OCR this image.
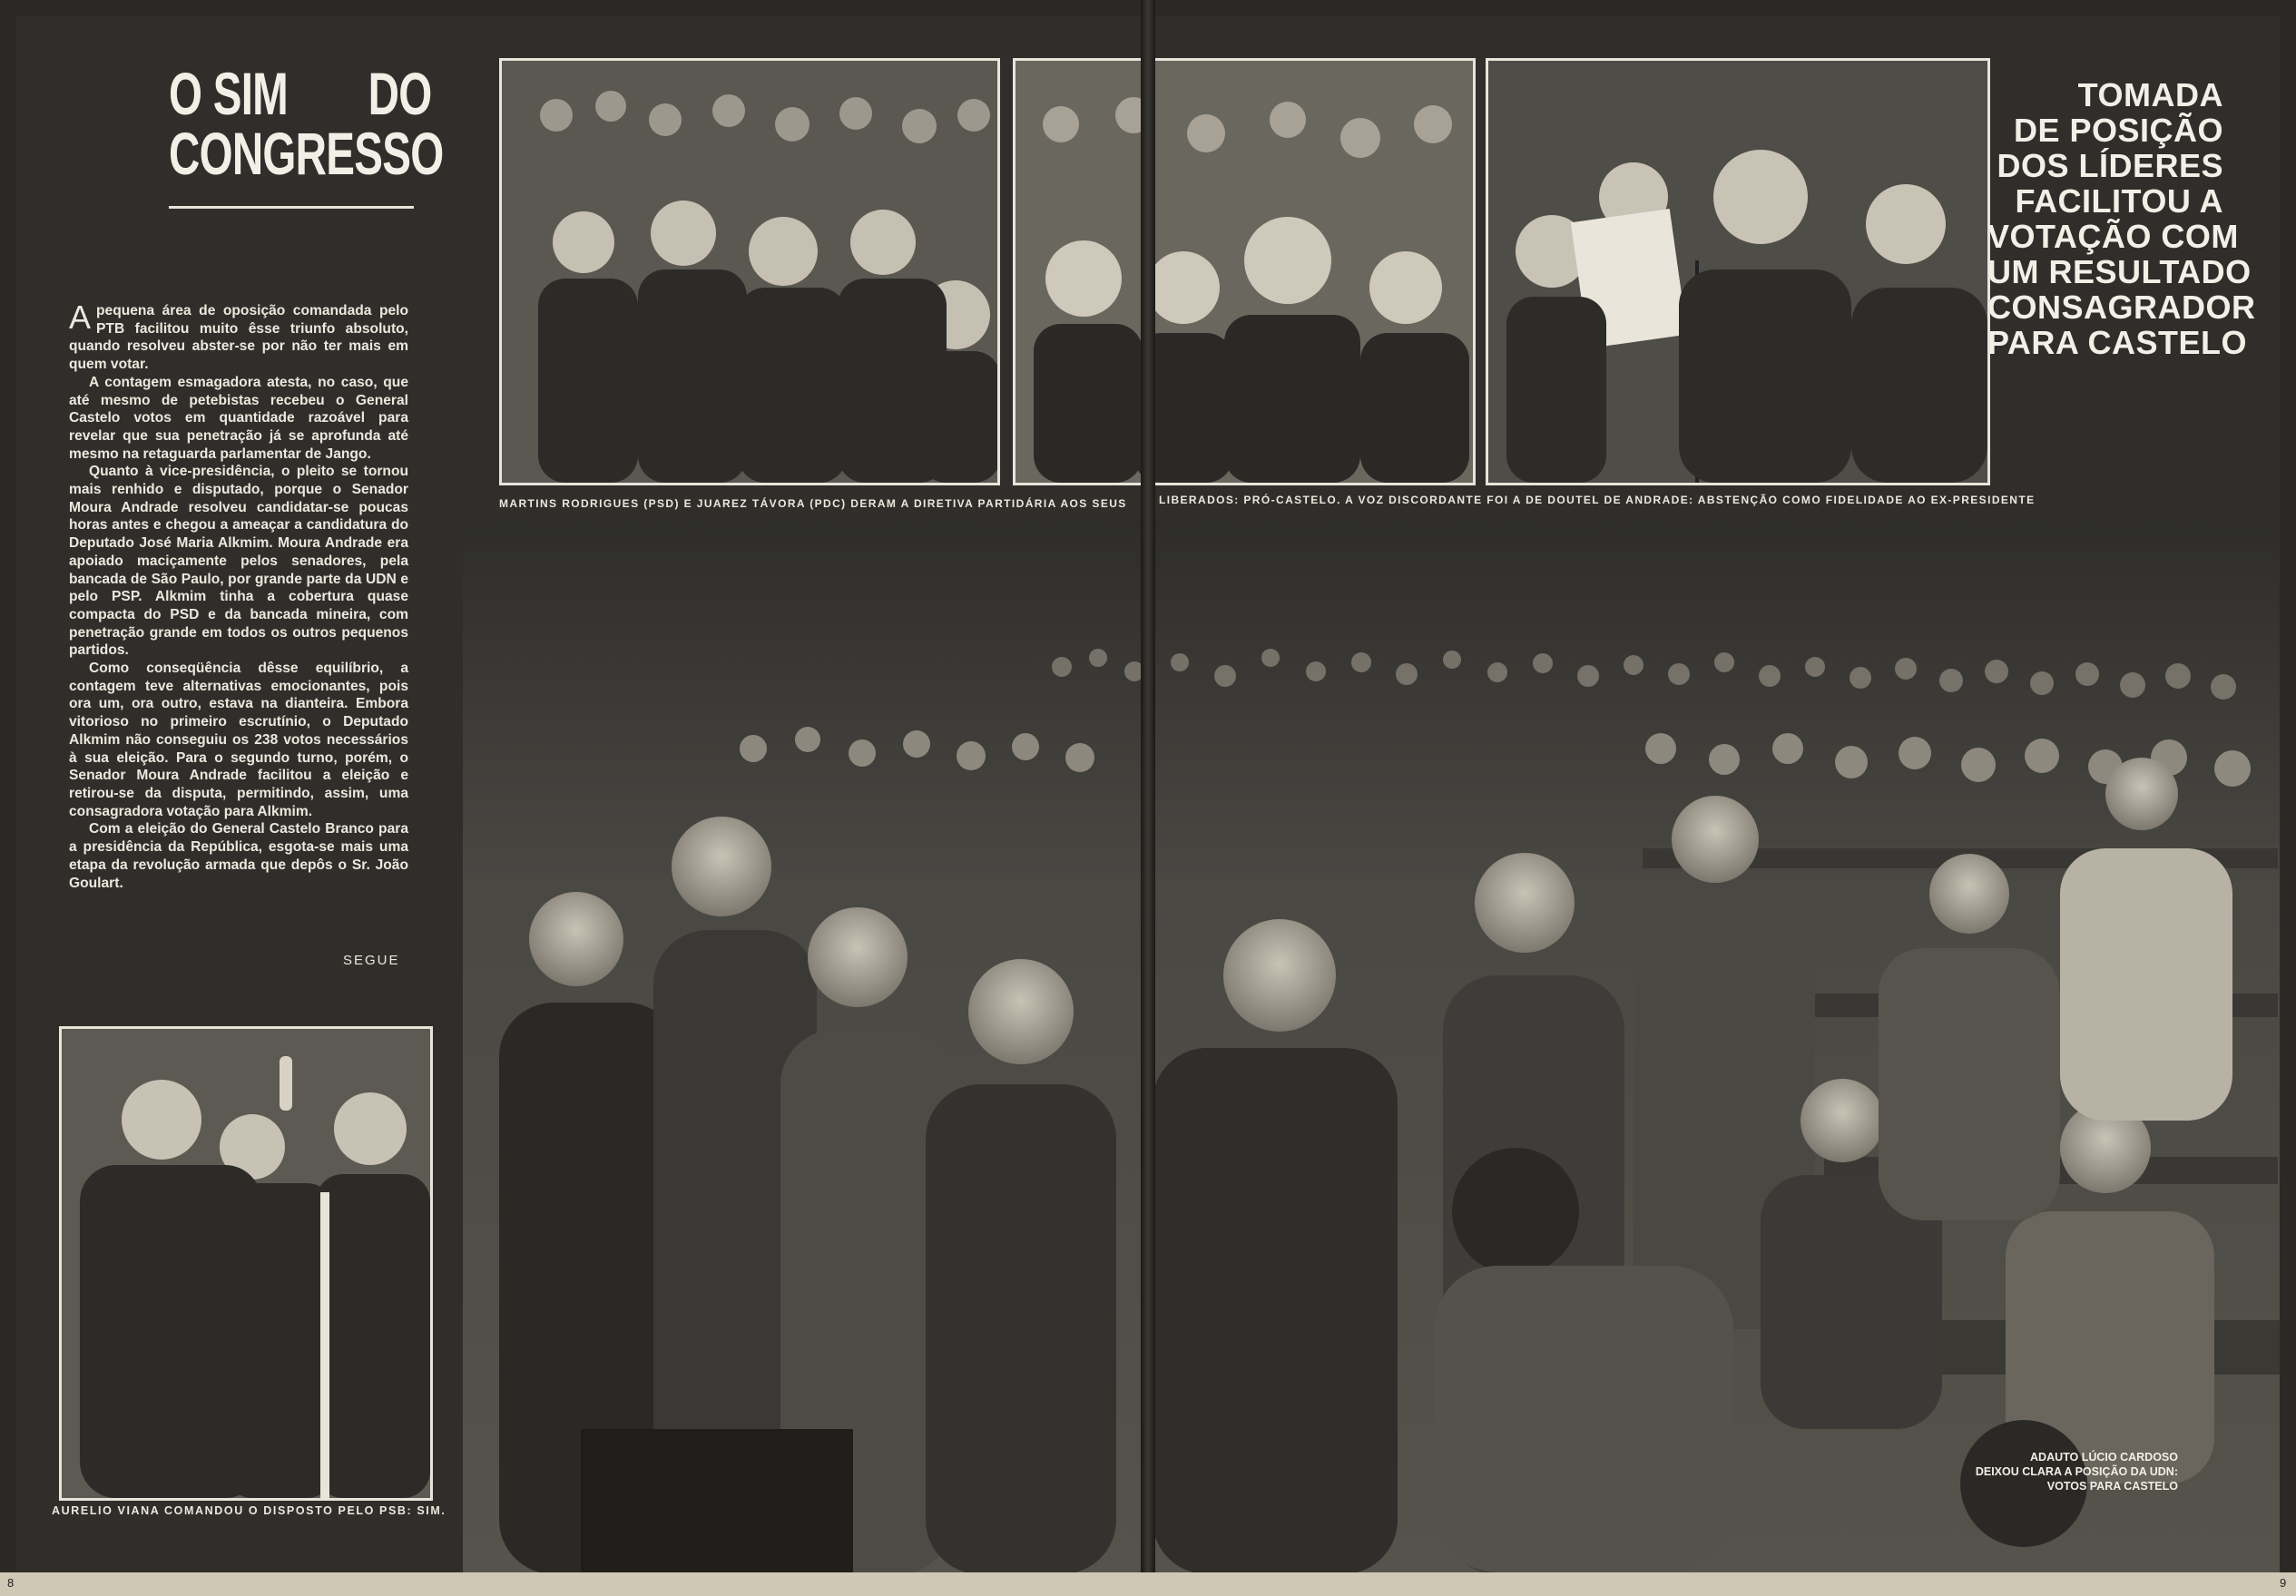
O SIM DO
CONGRESSO

Apequena área de oposição comandada pelo PTB facilitou muito êsse triunfo absoluto, quando resolveu abster-se por não ter mais em quem votar.

A contagem esmagadora atesta, no caso, que até mesmo de petebistas recebeu o General Castelo votos em quantidade razoável para revelar que sua penetração já se aprofunda até mesmo na retaguarda parlamentar de Jango.

Quanto à vice-presidência, o pleito se tornou mais renhido e disputado, porque o Senador Moura Andrade resolveu candidatar-se poucas horas antes e chegou a ameaçar a candidatura do Deputado José Maria Alkmim. Moura Andrade era apoiado maciçamente pelos senadores, pela bancada de São Paulo, por grande parte da UDN e pelo PSP. Alkmim tinha a cobertura quase compacta do PSD e da bancada mineira, com penetração grande em todos os outros pequenos partidos.

Como conseqüência dêsse equilíbrio, a contagem teve alternativas emocionantes, pois ora um, ora outro, estava na dianteira. Embora vitorioso no primeiro escrutínio, o Deputado Alkmim não conseguiu os 238 votos necessários à sua eleição. Para o segundo turno, porém, o Senador Moura Andrade facilitou a eleição e retirou-se da disputa, permitindo, assim, uma consagradora votação para Alkmim.

Com a eleição do General Castelo Branco para a presidência da República, esgota-se mais uma etapa da revolução armada que depôs o Sr. João Goulart.

SEGUE
AURELIO VIANA COMANDOU O DISPOSTO PELO PSB: SIM.
MARTINS RODRIGUES (PSD) E JUAREZ TÁVORA (PDC) DERAM A DIRETIVA PARTIDÁRIA AOS SEUS	LIBERADOS: PRÓ-CASTELO. A VOZ DISCORDANTE FOI A DE DOUTEL DE ANDRADE: ABSTENÇÃO COMO FIDELIDADE AO EX-PRESIDENTE
TOMADA
DE POSIÇÃO
DOS LÍDERES
FACILITOU A
VOTAÇÃO COM
UM RESULTADO
CONSAGRADOR
PARA CASTELO
ADAUTO LÚCIO CARDOSO
DEIXOU CLARA A POSIÇÃO DA UDN:
VOTOS PARA CASTELO
8	9
